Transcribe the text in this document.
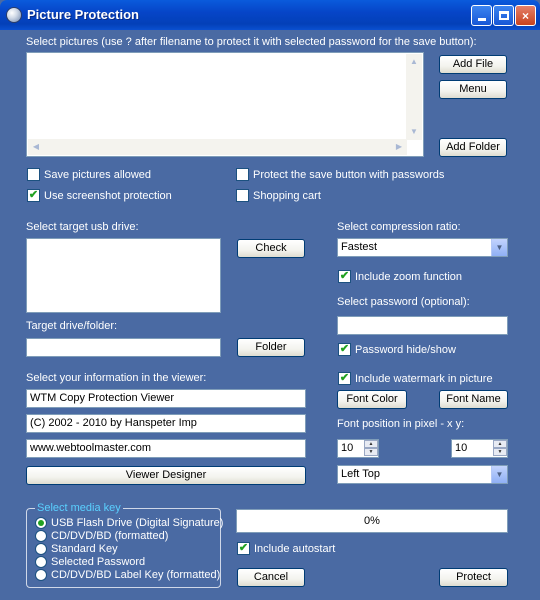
Picture Protection	×
Select pictures (use ? after filename to protect it with selected password for the save button):
▲
▼
◀	▶
Add File
Menu
Add Folder
Save pictures allowed
✔ Use screenshot protection
Protect the save button with passwords
Shopping cart
Select target usb drive:
Check
Target drive/folder:
Folder
Select your information in the viewer:
WTM Copy Protection Viewer
(C) 2002 - 2010 by Hanspeter Imp
www.webtoolmaster.com
Viewer Designer
Select media key
USB Flash Drive (Digital Signature)
CD/DVD/BD (formatted)
Standard Key
Selected Password
CD/DVD/BD Label Key (formatted)
Select compression ratio:
Fastest	▼
✔ Include zoom function
Select password (optional):
✔ Password hide/show
✔ Include watermark in picture
Font Color	Font Name
Font position in pixel - x y:
10	▲
▼	10	▲
▼
Left Top	▼
0%
✔ Include autostart
Cancel	Protect
